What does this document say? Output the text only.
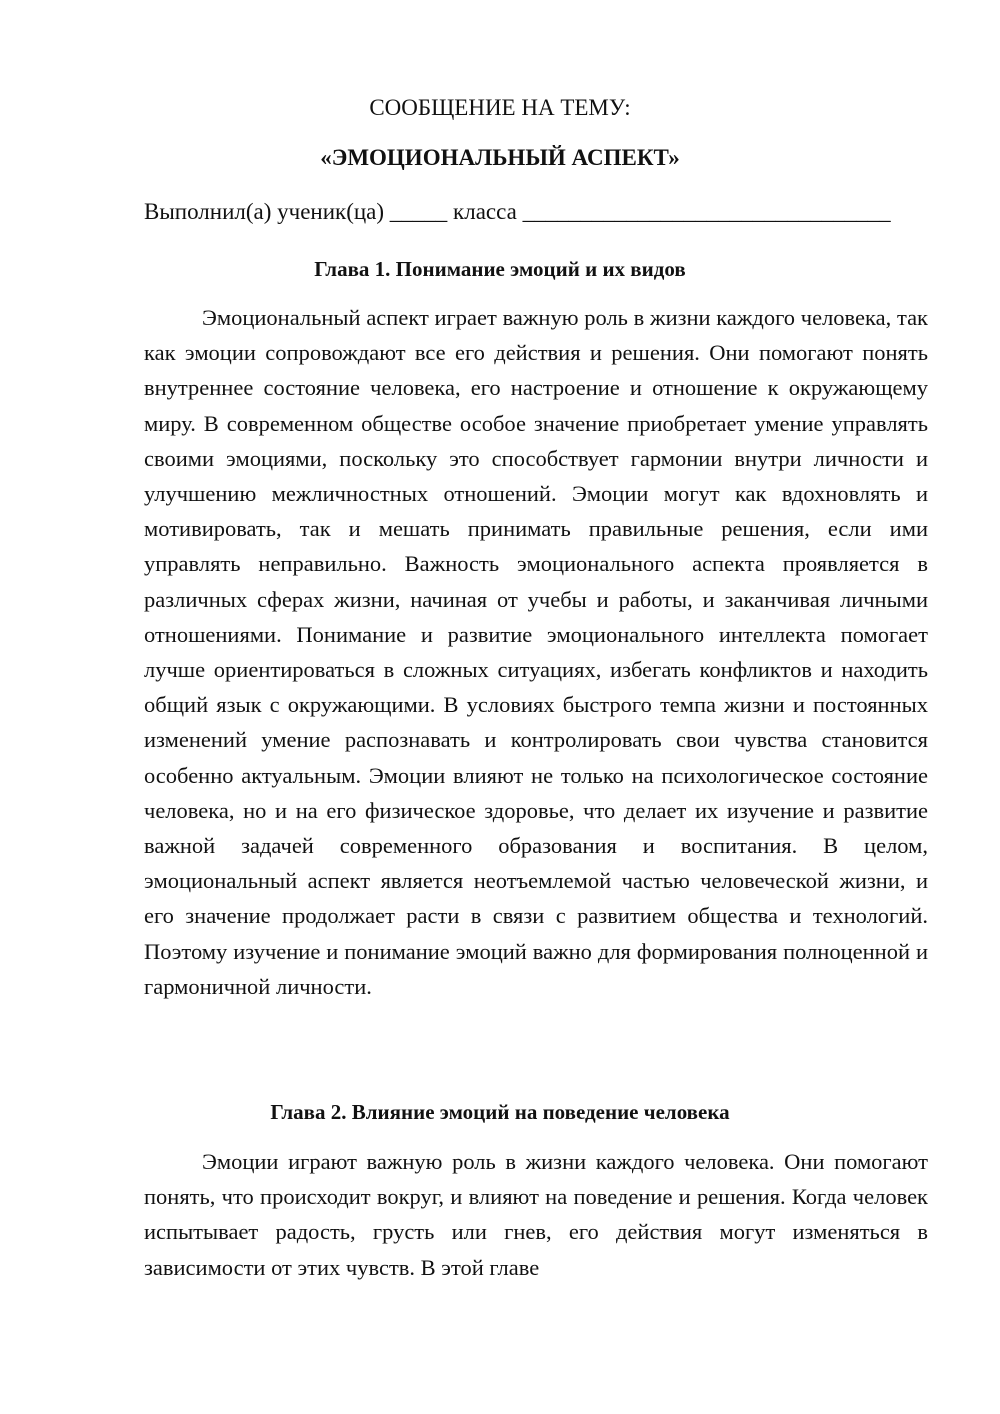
СООБЩЕНИЕ НА ТЕМУ:
«ЭМОЦИОНАЛЬНЫЙ АСПЕКТ»
Выполнил(а) ученик(ца) _____ класса ________________________________
Глава 1. Понимание эмоций и их видов

Эмоциональный аспект играет важную роль в жизни каждого человека, так как эмоции сопровождают все его действия и решения. Они помогают понять внутреннее состояние человека, его настроение и отношение к окружающему миру. В современном обществе особое значение приобретает умение управлять своими эмоциями, поскольку это способствует гармонии внутри личности и улучшению межличностных отношений. Эмоции могут как вдохновлять и мотивировать, так и мешать принимать правильные решения, если ими управлять неправильно. Важность эмоционального аспекта проявляется в различных сферах жизни, начиная от учебы и работы, и заканчивая личными отношениями. Понимание и развитие эмоционального интеллекта помогает лучше ориентироваться в сложных ситуациях, избегать конфликтов и находить общий язык с окружающими. В условиях быстрого темпа жизни и постоянных изменений умение распознавать и контролировать свои чувства становится особенно актуальным. Эмоции влияют не только на психологическое состояние человека, но и на его физическое здоровье, что делает их изучение и развитие важной задачей современного образования и воспитания. В целом, эмоциональный аспект является неотъемлемой частью человеческой жизни, и его значение продолжает расти в связи с развитием общества и технологий. Поэтому изучение и понимание эмоций важно для формирования полноценной и гармоничной личности.

Глава 2. Влияние эмоций на поведение человека

Эмоции играют важную роль в жизни каждого человека. Они помогают понять, что происходит вокруг, и влияют на поведение и решения. Когда человек испытывает радость, грусть или гнев, его действия могут изменяться в зависимости от этих чувств. В этой главе
